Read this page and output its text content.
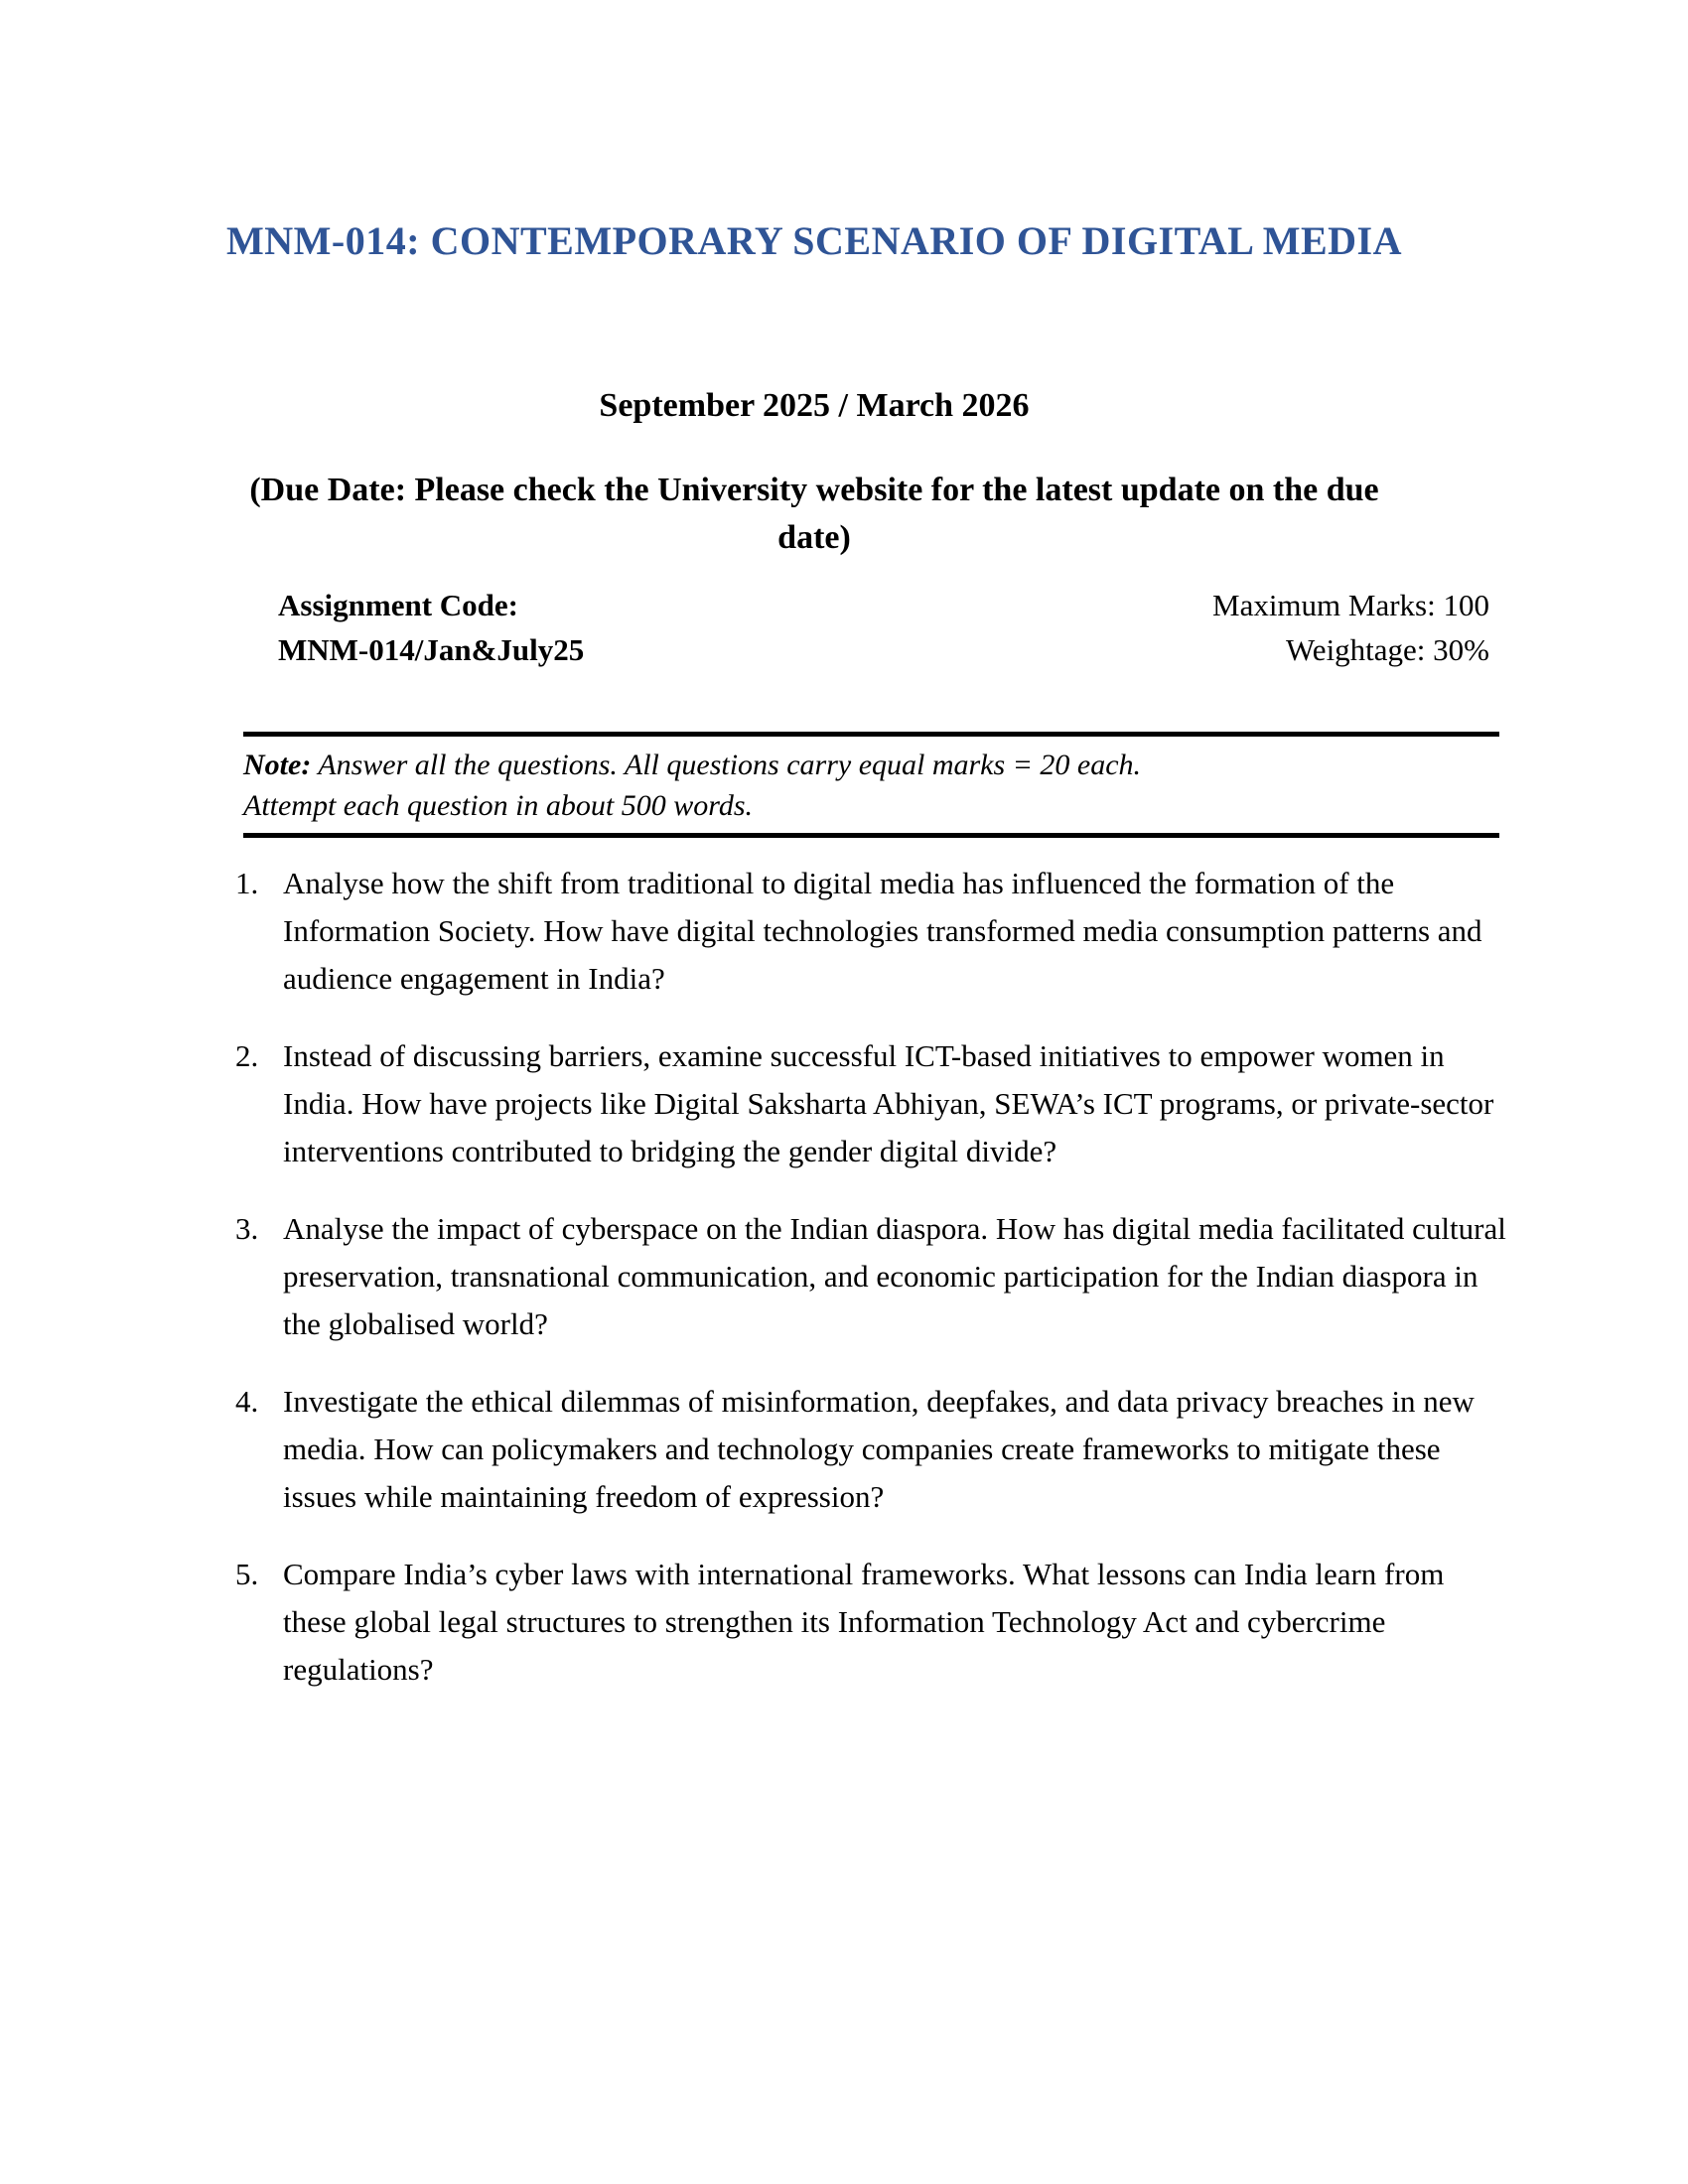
MNM-014: CONTEMPORARY SCENARIO OF DIGITAL MEDIA
September 2025 / March 2026
(Due Date: Please check the University website for the latest update on the due date)
Assignment Code:
MNM-014/Jan&July25
Maximum Marks: 100
Weightage: 30%
Note: Answer all the questions. All questions carry equal marks = 20 each. Attempt each question in about 500 words.
1. Analyse how the shift from traditional to digital media has influenced the formation of the Information Society. How have digital technologies transformed media consumption patterns and audience engagement in India?
2. Instead of discussing barriers, examine successful ICT-based initiatives to empower women in India. How have projects like Digital Saksharta Abhiyan, SEWA’s ICT programs, or private-sector interventions contributed to bridging the gender digital divide?
3. Analyse the impact of cyberspace on the Indian diaspora. How has digital media facilitated cultural preservation, transnational communication, and economic participation for the Indian diaspora in the globalised world?
4. Investigate the ethical dilemmas of misinformation, deepfakes, and data privacy breaches in new media. How can policymakers and technology companies create frameworks to mitigate these issues while maintaining freedom of expression?
5. Compare India’s cyber laws with international frameworks. What lessons can India learn from these global legal structures to strengthen its Information Technology Act and cybercrime regulations?
